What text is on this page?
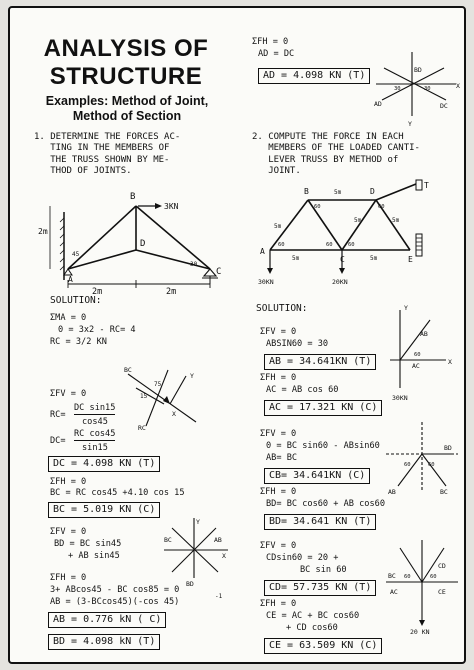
ANALYSIS OF
STRUCTURE
Examples: Method of Joint,
Method of Section
1. DETERMINE THE FORCES AC-
TING IN THE MEMBERS OF
THE TRUSS SHOWN BY ME-
THOD OF JOINTS.
B
D
A
C
3KN
2m
2m	2m
45
30
SOLUTION:
ΣMA = 0
0 = 3x2 - RC= 4
RC = 3/2 KN
BC
15
75
X
Y
RC
ΣFV = 0
RC=
DC sin15
cos45
DC=
RC cos45
sin15
DC = 4.098 KN (T)
ΣFH = 0
BC = RC cos45 +4.10 cos 15
BC = 5.019 KN (C)
BC	AB
BD
X
Y
ΣFV = 0
BD = BC sin45
+ AB sin45
ΣFH = 0
3+ ABcos45 - BC cos85 = 0
AB = (3-BCcos45)(-cos 45)
-1
AB = 0.776 kN ( C)
BD = 4.098 kN (T)
ΣFH = 0
AD = DC
AD = 4.098 KN (T)	BD
AD	DC
30	30	X
Y
2. COMPUTE THE FORCE IN EACH
MEMBERS OF THE LOADED CANTI-
LEVER TRUSS BY METHOD of
JOINT.
B	D
A
C	E
T
5m
5m
5m	5m
5m
5m
60
60
60	60
60
30KN	20KN
SOLUTION:
ΣFV = 0
ABSIN60 = 30
AB = 34.641KN (T)
ΣFH = 0
AC = AB cos 60
AC = 17.321 KN (C)
Y
AB
60
AC	X
30KN
ΣFV = 0
0 = BC sin60 - ABsin60
AB= BC
CB= 34.641KN (C)
ΣFH = 0
BD= BC cos60 + AB cos60
BD= 34.641 KN (T)
BD
60	60
AB	BC
ΣFV = 0
CDsin60 = 20 +
BC sin 60
CD= 57.735 KN (T)
ΣFH = 0
CE = AC + BC cos60
+ CD cos60
CE = 63.509 KN (C)
BC
CD
60	60
AC	CE
20 KN
